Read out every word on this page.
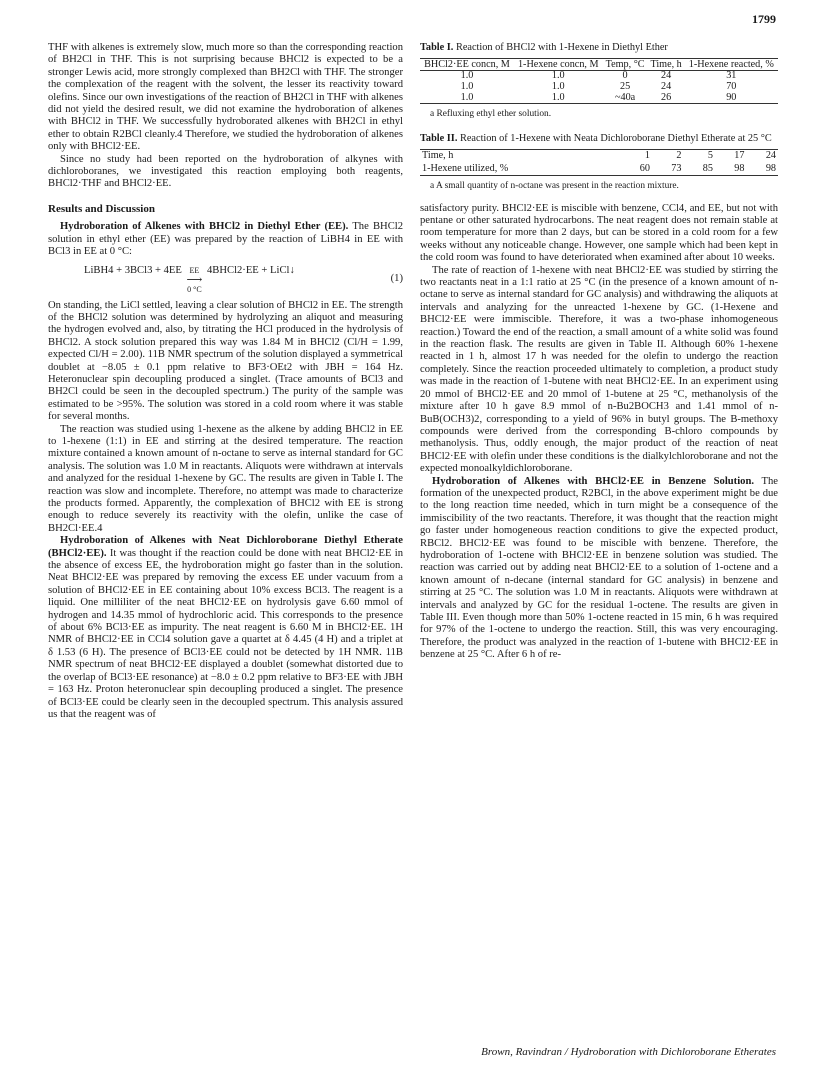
1799

THF with alkenes is extremely slow, much more so than the corresponding reaction of BH2Cl in THF. This is not surprising because BHCl2 is expected to be a stronger Lewis acid, more strongly complexed than BH2Cl with THF. The stronger the complexation of the reagent with the solvent, the lesser its reactivity toward olefins. Since our own investigations of the reaction of BH2Cl in THF with alkenes did not yield the desired result, we did not examine the hydroboration of alkenes with BHCl2 in THF. We successfully hydroborated alkenes with BH2Cl in ethyl ether to obtain R2BCl cleanly.4 Therefore, we studied the hydroboration of alkenes only with BHCl2·EE.

Since no study had been reported on the hydroboration of alkynes with dichloroboranes, we investigated this reaction employing both reagents, BHCl2·THF and BHCl2·EE.

Results and Discussion

Hydroboration of Alkenes with BHCl2 in Diethyl Ether (EE). The BHCl2 solution in ethyl ether (EE) was prepared by the reaction of LiBH4 in EE with BCl3 in EE at 0 °C:

LiBH4 + 3BCl3 + 4EE EE
⟶
0 °C
4BHCl2·EE + LiCl↓
(1)

On standing, the LiCl settled, leaving a clear solution of BHCl2 in EE. The strength of the BHCl2 solution was determined by hydrolyzing an aliquot and measuring the hydrogen evolved and, also, by titrating the HCl produced in the hydrolysis of BHCl2. A stock solution prepared this way was 1.84 M in BHCl2 (Cl/H = 1.99, expected Cl/H = 2.00). 11B NMR spectrum of the solution displayed a symmetrical doublet at −8.05 ± 0.1 ppm relative to BF3·OEt2 with JBH = 164 Hz. Heteronuclear spin decoupling produced a singlet. (Trace amounts of BCl3 and BH2Cl could be seen in the decoupled spectrum.) The purity of the sample was estimated to be >95%. The solution was stored in a cold room where it was stable for several months.

The reaction was studied using 1-hexene as the alkene by adding BHCl2 in EE to 1-hexene (1:1) in EE and stirring at the desired temperature. The reaction mixture contained a known amount of n-octane to serve as internal standard for GC analysis. The solution was 1.0 M in reactants. Aliquots were withdrawn at intervals and analyzed for the residual 1-hexene by GC. The results are given in Table I. The reaction was slow and incomplete. Therefore, no attempt was made to characterize the products formed. Apparently, the complexation of BHCl2 with EE is strong enough to reduce severely its reactivity with the olefin, unlike the case of BH2Cl·EE.4

Hydroboration of Alkenes with Neat Dichloroborane Diethyl Etherate (BHCl2·EE). It was thought if the reaction could be done with neat BHCl2·EE in the absence of excess EE, the hydroboration might go faster than in the solution. Neat BHCl2·EE was prepared by removing the excess EE under vacuum from a solution of BHCl2·EE in EE containing about 10% excess BCl3. The reagent is a liquid. One milliliter of the neat BHCl2·EE on hydrolysis gave 6.60 mmol of hydrogen and 14.35 mmol of hydrochloric acid. This corresponds to the presence of about 6% BCl3·EE as impurity. The neat reagent is 6.60 M in BHCl2·EE. 1H NMR of BHCl2·EE in CCl4 solution gave a quartet at δ 4.45 (4 H) and a triplet at δ 1.53 (6 H). The presence of BCl3·EE could not be detected by 1H NMR. 11B NMR spectrum of neat BHCl2·EE displayed a doublet (somewhat distorted due to the overlap of BCl3·EE resonance) at −8.0 ± 0.2 ppm relative to BF3·EE with JBH = 163 Hz. Proton heteronuclear spin decoupling produced a singlet. The presence of BCl3·EE could be clearly seen in the decoupled spectrum. This analysis assured us that the reagent was of

Table I. Reaction of BHCl2 with 1-Hexene in Diethyl Ether
BHCl2·EE concn, M	1-Hexene concn, M	Temp, °C	Time, h	1-Hexene reacted, %
1.0	1.0	0	24	31
1.0	1.0	25	24	70
1.0	1.0	~40a	26	90
a Refluxing ethyl ether solution.
Table II. Reaction of 1-Hexene with Neata Dichloroborane Diethyl Etherate at 25 °C
Time, h	1	2	5	17	24
1-Hexene utilized, %	60	73	85	98	98
a A small quantity of n-octane was present in the reaction mixture.

satisfactory purity. BHCl2·EE is miscible with benzene, CCl4, and EE, but not with pentane or other saturated hydrocarbons. The neat reagent does not remain stable at room temperature for more than 2 days, but can be stored in a cold room for a few weeks without any noticeable change. However, one sample which had been kept in the cold room was found to have deteriorated when examined after about 10 weeks.

The rate of reaction of 1-hexene with neat BHCl2·EE was studied by stirring the two reactants neat in a 1:1 ratio at 25 °C (in the presence of a known amount of n-octane to serve as internal standard for GC analysis) and withdrawing the aliquots at intervals and analyzing for the unreacted 1-hexene by GC. (1-Hexene and BHCl2·EE were immiscible. Therefore, it was a two-phase inhomogeneous reaction.) Toward the end of the reaction, a small amount of a white solid was found in the reaction flask. The results are given in Table II. Although 60% 1-hexene reacted in 1 h, almost 17 h was needed for the olefin to undergo the reaction completely. Since the reaction proceeded ultimately to completion, a product study was made in the reaction of 1-butene with neat BHCl2·EE. In an experiment using 20 mmol of BHCl2·EE and 20 mmol of 1-butene at 25 °C, methanolysis of the mixture after 10 h gave 8.9 mmol of n-Bu2BOCH3 and 1.41 mmol of n-BuB(OCH3)2, corresponding to a yield of 96% in butyl groups. The B-methoxy compounds were derived from the corresponding B-chloro compounds by methanolysis. Thus, oddly enough, the major product of the reaction of neat BHCl2·EE with olefin under these conditions is the dialkylchloroborane and not the expected monoalkyldichloroborane.

Hydroboration of Alkenes with BHCl2·EE in Benzene Solution. The formation of the unexpected product, R2BCl, in the above experiment might be due to the long reaction time needed, which in turn might be a consequence of the immiscibility of the two reactants. Therefore, it was thought that the reaction might go faster under homogeneous reaction conditions to give the expected product, RBCl2. BHCl2·EE was found to be miscible with benzene. Therefore, the hydroboration of 1-octene with BHCl2·EE in benzene solution was studied. The reaction was carried out by adding neat BHCl2·EE to a solution of 1-octene and a known amount of n-decane (internal standard for GC analysis) in benzene and stirring at 25 °C. The solution was 1.0 M in reactants. Aliquots were withdrawn at intervals and analyzed by GC for the residual 1-octene. The results are given in Table III. Even though more than 50% 1-octene reacted in 15 min, 6 h was required for 97% of the 1-octene to undergo the reaction. Still, this was very encouraging. Therefore, the product was analyzed in the reaction of 1-butene with BHCl2·EE in benzene at 25 °C. After 6 h of re-

Brown, Ravindran / Hydroboration with Dichloroborane Etherates
